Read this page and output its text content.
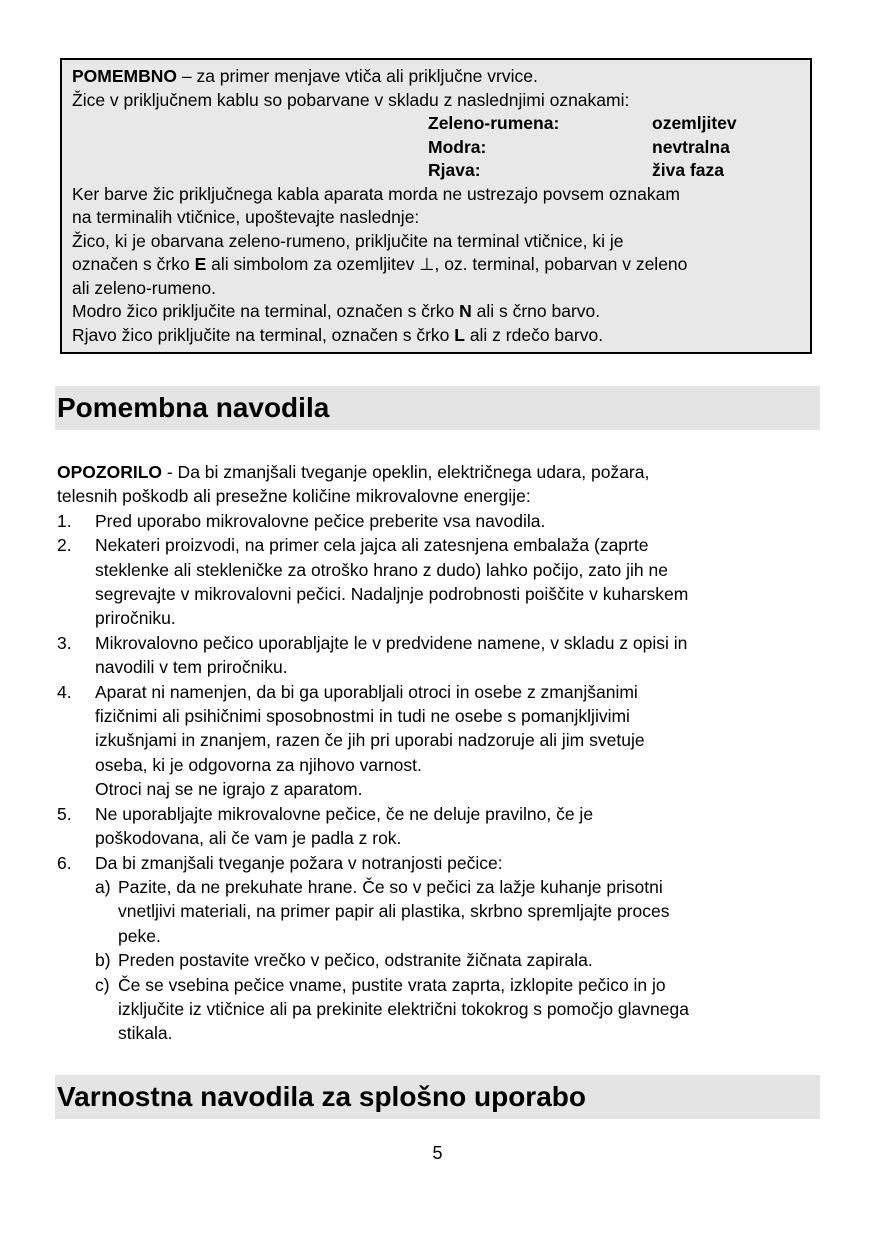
POMEMBNO – za primer menjave vtiča ali priključne vrvice.
Žice v priključnem kablu so pobarvane v skladu z naslednjimi oznakami:
Zeleno-rumena:	ozemljitev
Modra:	nevtralna
Rjava:	živa faza
Ker barve žic priključnega kabla aparata morda ne ustrezajo povsem oznakam
na terminalih vtičnice, upoštevajte naslednje:
Žico, ki je obarvana zeleno-rumeno, priključite na terminal vtičnice, ki je
označen s črko E ali simbolom za ozemljitev ⊥, oz. terminal, pobarvan v zeleno
ali zeleno-rumeno.
Modro žico priključite na terminal, označen s črko N ali s črno barvo.
Rjavo žico priključite na terminal, označen s črko L ali z rdečo barvo.
Pomembna navodila
OPOZORILO - Da bi zmanjšali tveganje opeklin, električnega udara, požara,
telesnih poškodb ali presežne količine mikrovalovne energije:
1.	Pred uporabo mikrovalovne pečice preberite vsa navodila.
2.	Nekateri proizvodi, na primer cela jajca ali zatesnjena embalaža (zaprte
steklenke ali stekleničke za otroško hrano z dudo) lahko počijo, zato jih ne
segrevajte v mikrovalovni pečici. Nadaljnje podrobnosti poiščite v kuharskem
priročniku.
3.	Mikrovalovno pečico uporabljajte le v predvidene namene, v skladu z opisi in
navodili v tem priročniku.
4.	Aparat ni namenjen, da bi ga uporabljali otroci in osebe z zmanjšanimi
fizičnimi ali psihičnimi sposobnostmi in tudi ne osebe s pomanjkljivimi
izkušnjami in znanjem, razen če jih pri uporabi nadzoruje ali jim svetuje
oseba, ki je odgovorna za njihovo varnost.
Otroci naj se ne igrajo z aparatom.
5.	Ne uporabljajte mikrovalovne pečice, če ne deluje pravilno, če je
poškodovana, ali če vam je padla z rok.
6.	Da bi zmanjšali tveganje požara v notranjosti pečice:
a) Pazite, da ne prekuhate hrane. Če so v pečici za lažje kuhanje prisotni
vnetljivi materiali, na primer papir ali plastika, skrbno spremljajte proces
peke.
b) Preden postavite vrečko v pečico, odstranite žičnata zapirala.
c) Če se vsebina pečice vname, pustite vrata zaprta, izklopite pečico in jo
izključite iz vtičnice ali pa prekinite električni tokokrog s pomočjo glavnega
stikala.
Varnostna navodila za splošno uporabo
5
